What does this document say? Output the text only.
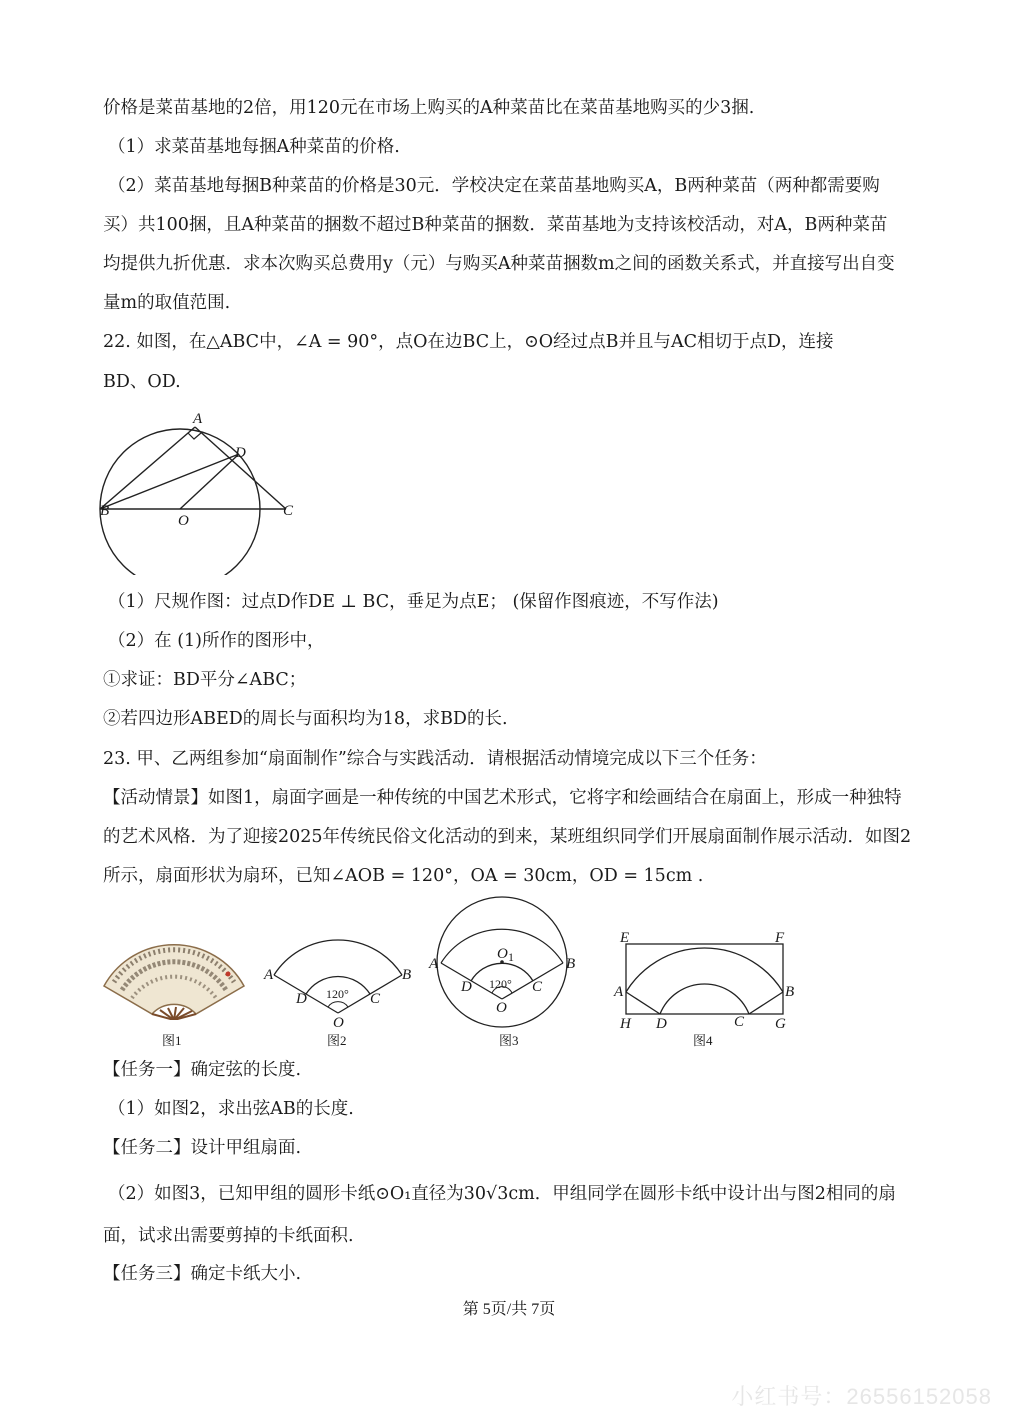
价格是菜苗基地的2倍，用120元在市场上购买的A种菜苗比在菜苗基地购买的少3捆.
（1）求菜苗基地每捆A种菜苗的价格.
（2）菜苗基地每捆B种菜苗的价格是30元．学校决定在菜苗基地购买A，B两种菜苗（两种都需要购
买）共100捆，且A种菜苗的捆数不超过B种菜苗的捆数．菜苗基地为支持该校活动，对A，B两种菜苗
均提供九折优惠．求本次购买总费用y（元）与购买A种菜苗捆数m之间的函数关系式，并直接写出自变
量m的取值范围.
22. 如图，在△ABC中，∠A = 90°，点O在边BC上，⊙O经过点B并且与AC相切于点D，连接
BD、OD.
A
D
B
O
C
（1）尺规作图：过点D作DE ⊥ BC，垂足为点E； (保留作图痕迹，不写作法)
（2）在 (1)所作的图形中，
①求证：BD平分∠ABC；
②若四边形ABED的周长与面积均为18，求BD的长.
23. 甲、乙两组参加“扇面制作”综合与实践活动．请根据活动情境完成以下三个任务：
【活动情景】如图1，扇面字画是一种传统的中国艺术形式，它将字和绘画结合在扇面上，形成一种独特
的艺术风格．为了迎接2025年传统民俗文化活动的到来，某班组织同学们开展扇面制作展示活动．如图2
所示，扇面形状为扇环，已知∠AOB = 120°，OA = 30cm，OD = 15cm .
120°
A	B
D	C
O
O 1
120°
A	B
D	C
O
E	F
A	B
H D	C G
图1	图2	图3	图4
【任务一】确定弦的长度.
（1）如图2，求出弦AB的长度.
【任务二】设计甲组扇面.
（2）如图3，已知甲组的圆形卡纸⊙O₁直径为30√3cm．甲组同学在圆形卡纸中设计出与图2相同的扇
面，试求出需要剪掉的卡纸面积.
【任务三】确定卡纸大小.
第 5页/共 7页
小红书号：26556152058
